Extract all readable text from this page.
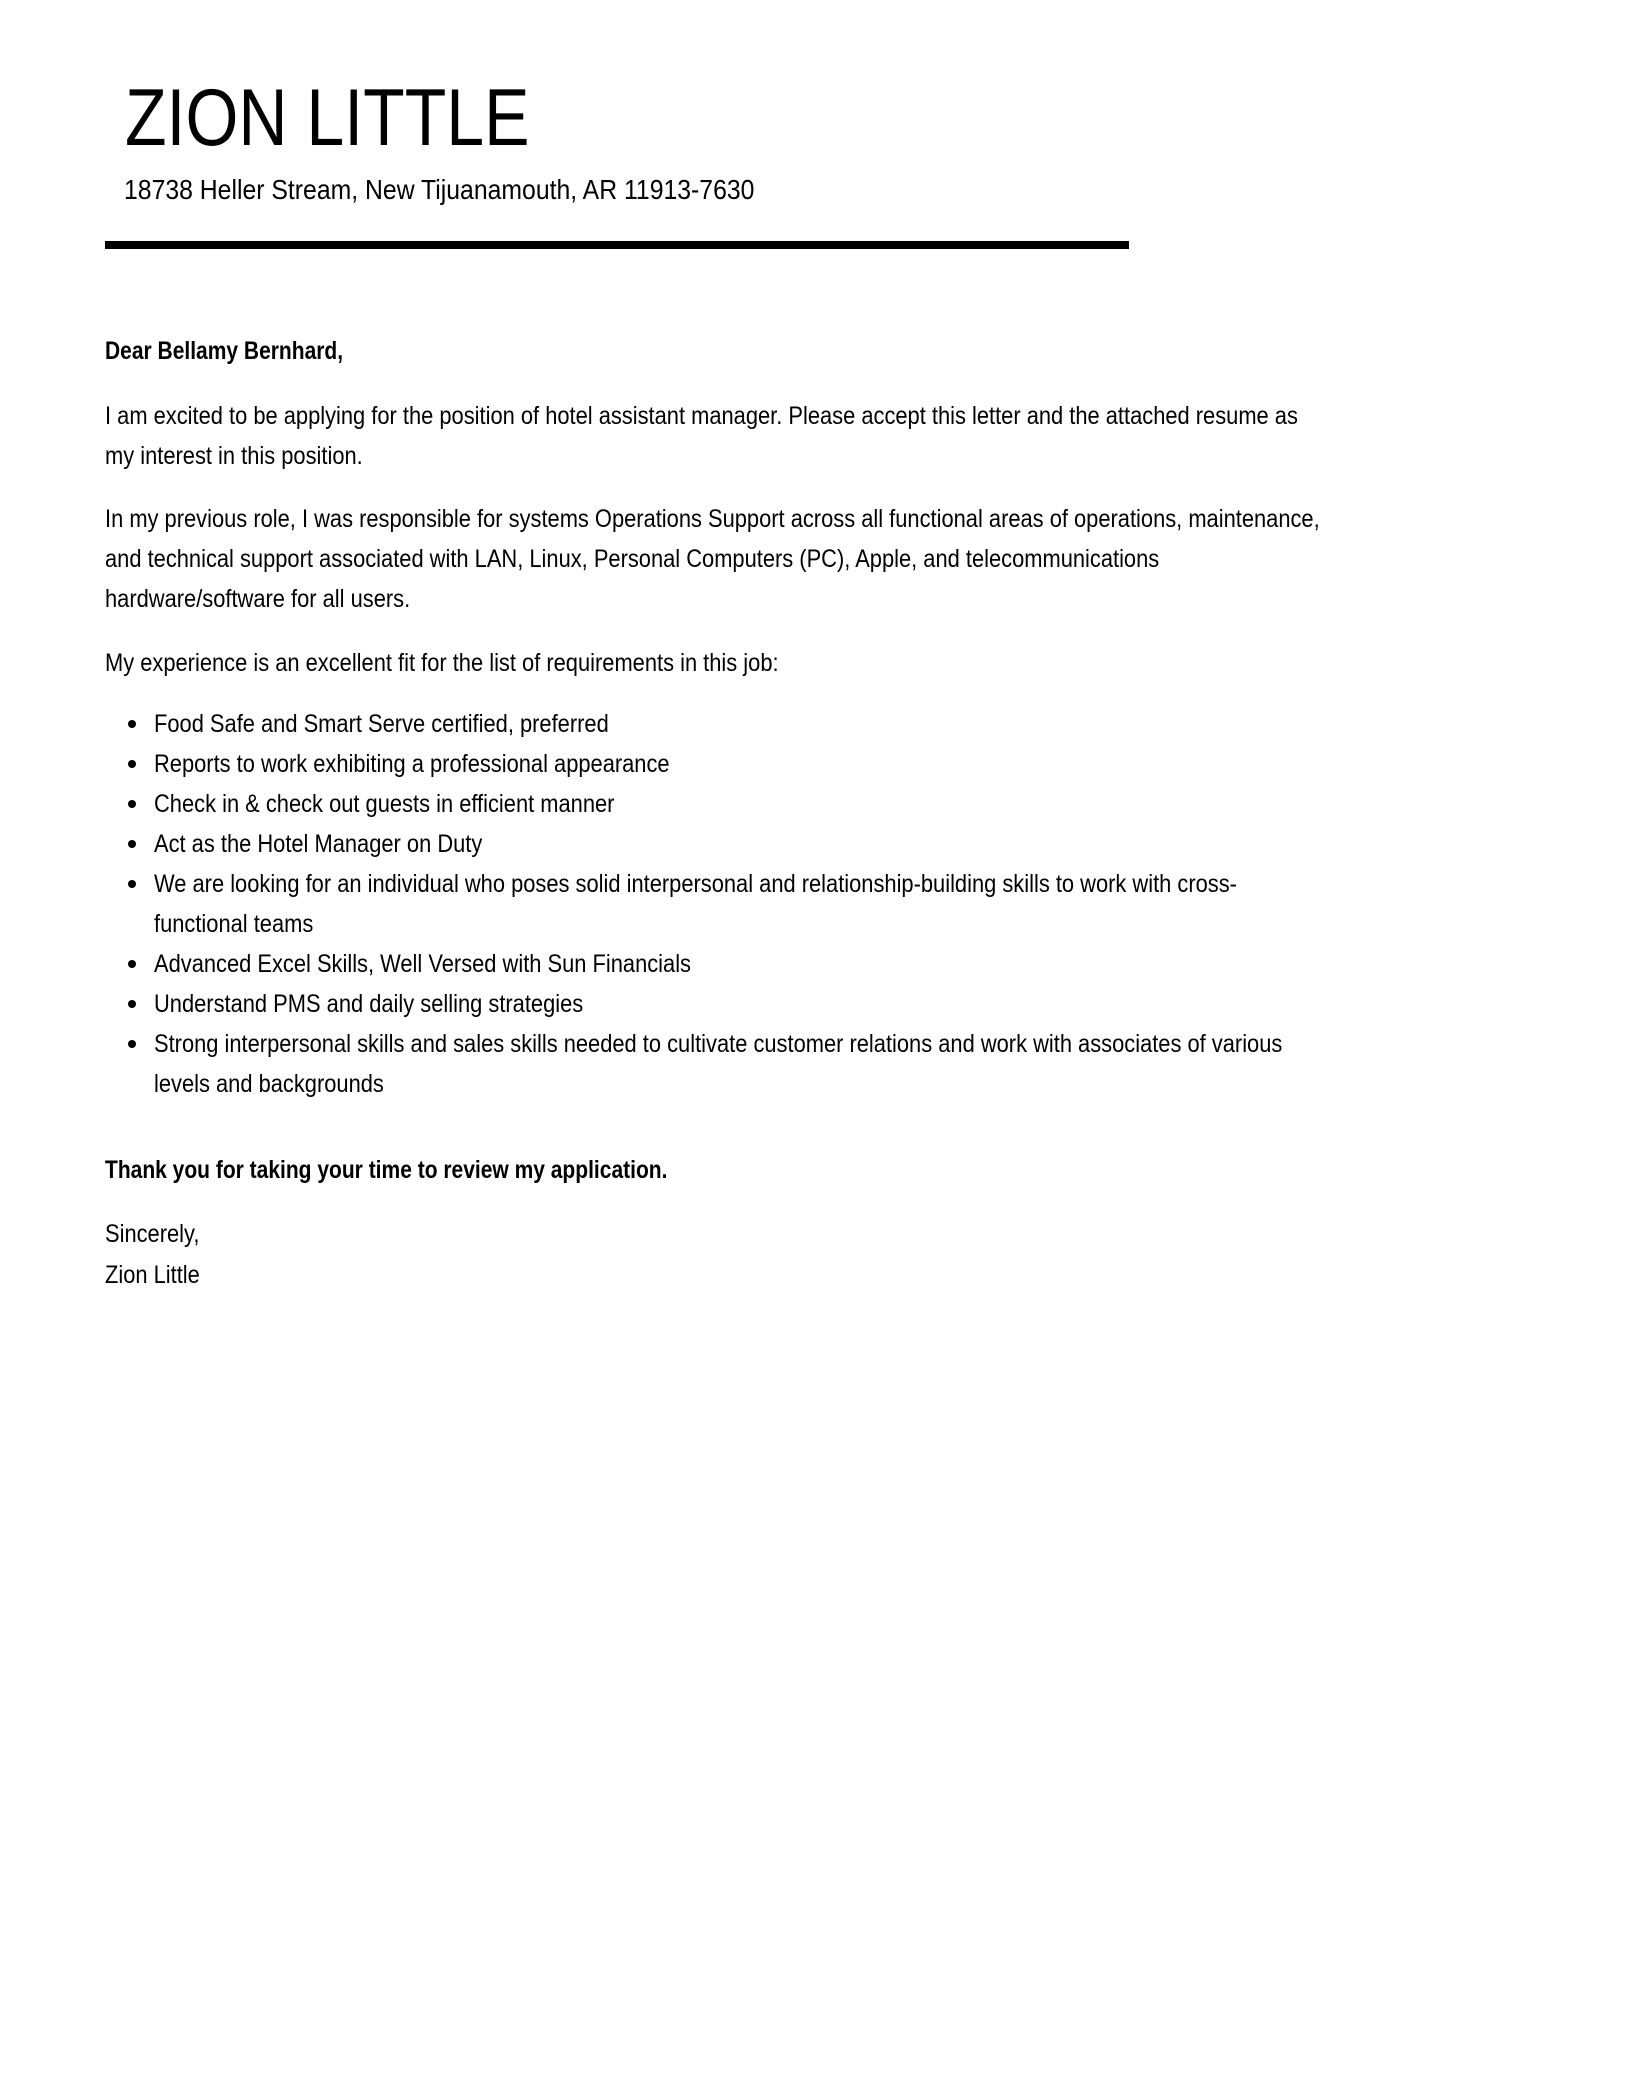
ZION LITTLE
18738 Heller Stream, New Tijuanamouth, AR 11913-7630
Dear Bellamy Bernhard,
I am excited to be applying for the position of hotel assistant manager. Please accept this letter and the attached resume as
my interest in this position.
In my previous role, I was responsible for systems Operations Support across all functional areas of operations, maintenance,
and technical support associated with LAN, Linux, Personal Computers (PC), Apple, and telecommunications
hardware/software for all users.
My experience is an excellent fit for the list of requirements in this job:
Food Safe and Smart Serve certified, preferred
Reports to work exhibiting a professional appearance
Check in & check out guests in efficient manner
Act as the Hotel Manager on Duty
We are looking for an individual who poses solid interpersonal and relationship-building skills to work with cross-
functional teams
Advanced Excel Skills, Well Versed with Sun Financials
Understand PMS and daily selling strategies
Strong interpersonal skills and sales skills needed to cultivate customer relations and work with associates of various
levels and backgrounds
Thank you for taking your time to review my application.
Sincerely,
Zion Little
